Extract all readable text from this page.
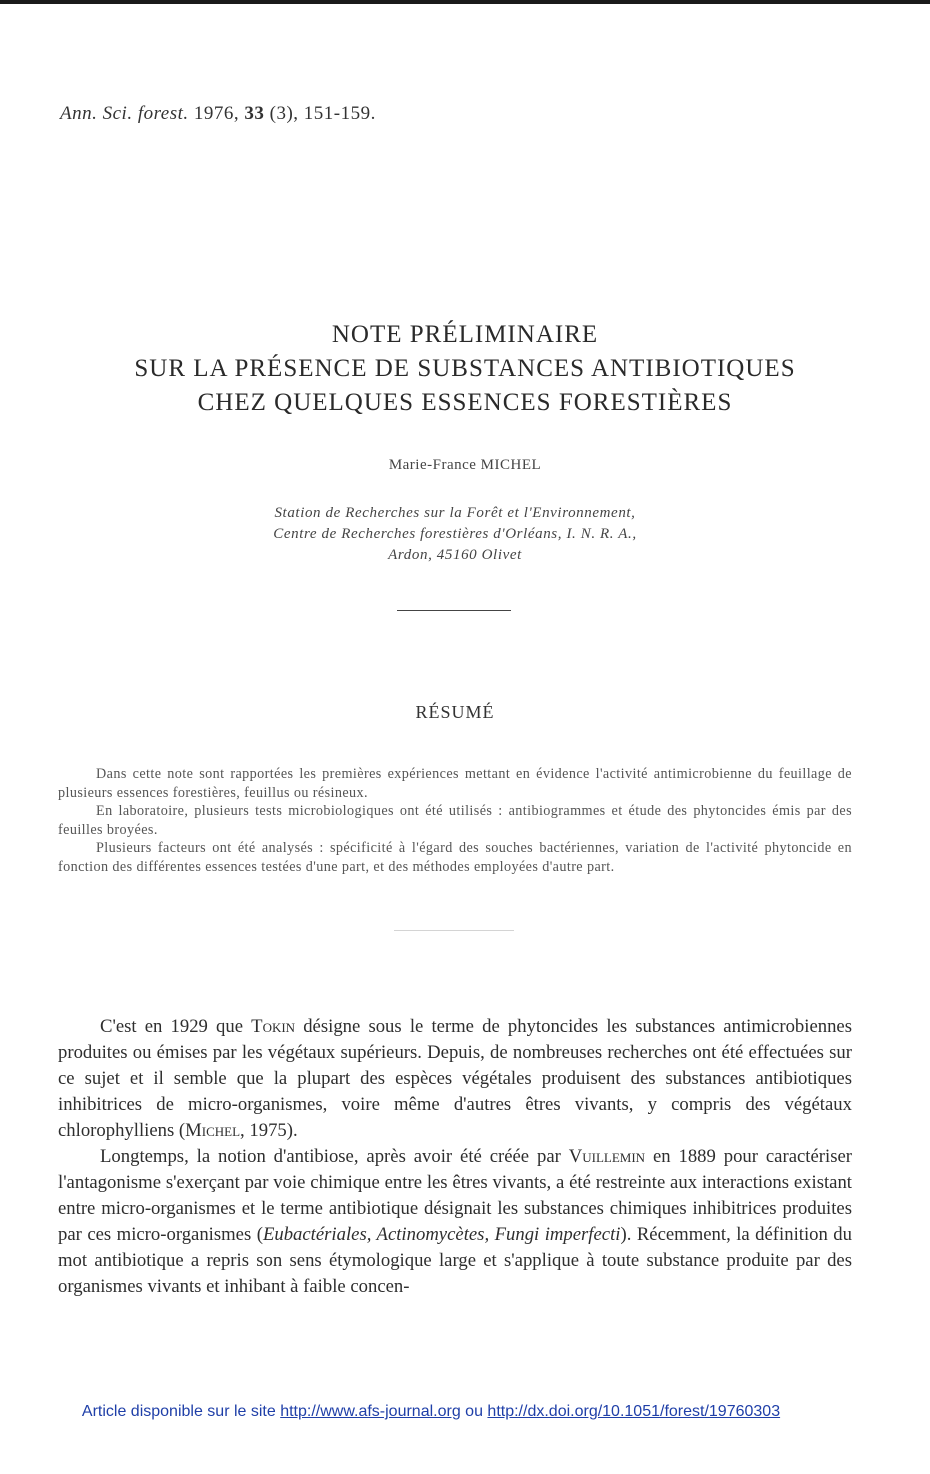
Ann. Sci. forest. 1976, 33 (3), 151-159.
NOTE PRÉLIMINAIRE
SUR LA PRÉSENCE DE SUBSTANCES ANTIBIOTIQUES
CHEZ QUELQUES ESSENCES FORESTIÈRES
Marie-France MICHEL
Station de Recherches sur la Forêt et l'Environnement,
Centre de Recherches forestières d'Orléans, I. N. R. A.,
Ardon, 45160 Olivet
RÉSUMÉ

Dans cette note sont rapportées les premières expériences mettant en évidence l'activité antimicrobienne du feuillage de plusieurs essences forestières, feuillus ou résineux.

En laboratoire, plusieurs tests microbiologiques ont été utilisés : antibiogrammes et étude des phytoncides émis par des feuilles broyées.

Plusieurs facteurs ont été analysés : spécificité à l'égard des souches bactériennes, variation de l'activité phytoncide en fonction des différentes essences testées d'une part, et des méthodes employées d'autre part.

C'est en 1929 que Tokin désigne sous le terme de phytoncides les substances antimicrobiennes produites ou émises par les végétaux supérieurs. Depuis, de nombreuses recherches ont été effectuées sur ce sujet et il semble que la plupart des espèces végétales produisent des substances antibiotiques inhibitrices de micro-organismes, voire même d'autres êtres vivants, y compris des végétaux chlorophylliens (Michel, 1975).

Longtemps, la notion d'antibiose, après avoir été créée par Vuillemin en 1889 pour caractériser l'antagonisme s'exerçant par voie chimique entre les êtres vivants, a été restreinte aux interactions existant entre micro-organismes et le terme antibiotique désignait les substances chimiques inhibitrices produites par ces micro-organismes (Eubactériales, Actinomycètes, Fungi imperfecti). Récemment, la définition du mot antibiotique a repris son sens étymologique large et s'applique à toute substance produite par des organismes vivants et inhibant à faible concen-

Article disponible sur le site http://www.afs-journal.org ou http://dx.doi.org/10.1051/forest/19760303
